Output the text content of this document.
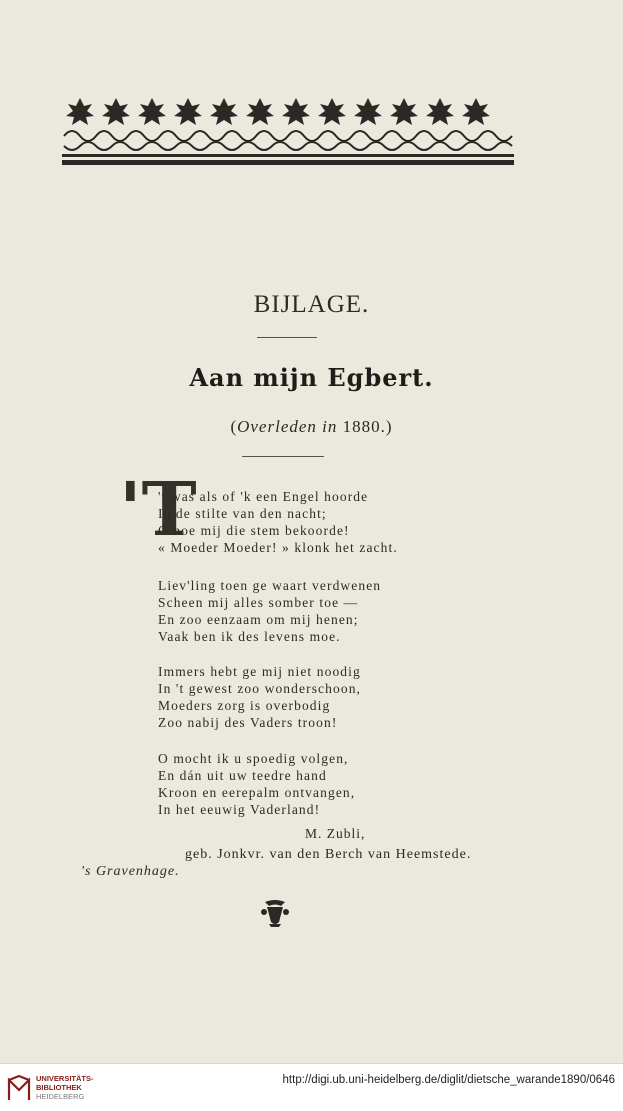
BIJLAGE.
Aan mijn Egbert.
(Overleden in 1880.)
'T
't was als of 'k een Engel hoorde
In de stilte van den nacht;
O hoe mij die stem bekoorde!
« Moeder Moeder! » klonk het zacht.
Liev'ling toen ge waart verdwenen
Scheen mij alles somber toe —
En zoo eenzaam om mij henen;
Vaak ben ik des levens moe.
Immers hebt ge mij niet noodig
In 't gewest zoo wonderschoon,
Moeders zorg is overbodig
Zoo nabij des Vaders troon!
O mocht ik u spoedig volgen,
En dán uit uw teedre hand
Kroon en eerepalm ontvangen,
In het eeuwig Vaderland!
M. Zubli,
geb. Jonkvr. van den Berch van Heemstede.
's Gravenhage.
UNIVERSITÄTS-
BIBLIOTHEK
HEIDELBERG
http://digi.ub.uni-heidelberg.de/diglit/dietsche_warande1890/0646
